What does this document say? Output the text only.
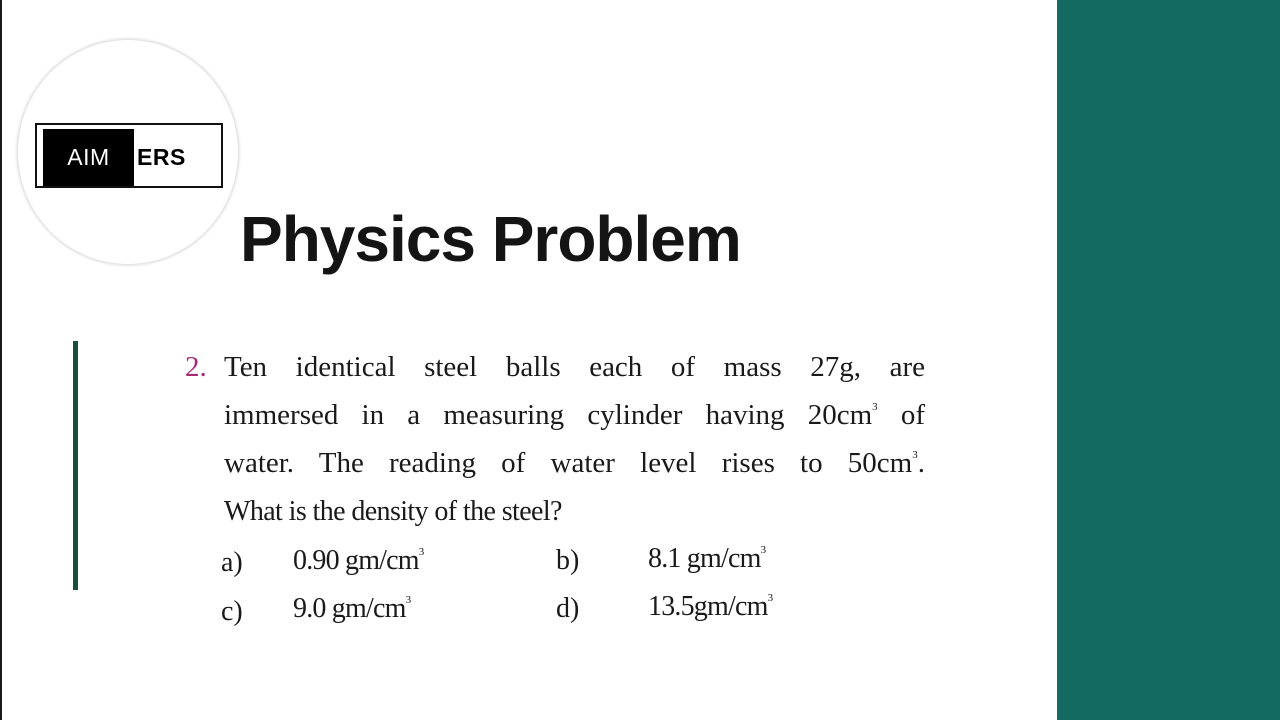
AIM	ERS
Physics Problem
2. Ten identical steel balls each of mass 27g, are
immersed in a measuring cylinder having $20cm^3$ of
water. The reading of water level rises to $50cm^3$.
What is the density of the steel?
a) 0.90 $gm/cm^3$	b) 8.1 $gm/cm^3$
c) 9.0 $gm/cm^3$	d) $13.5gm/cm^3$
